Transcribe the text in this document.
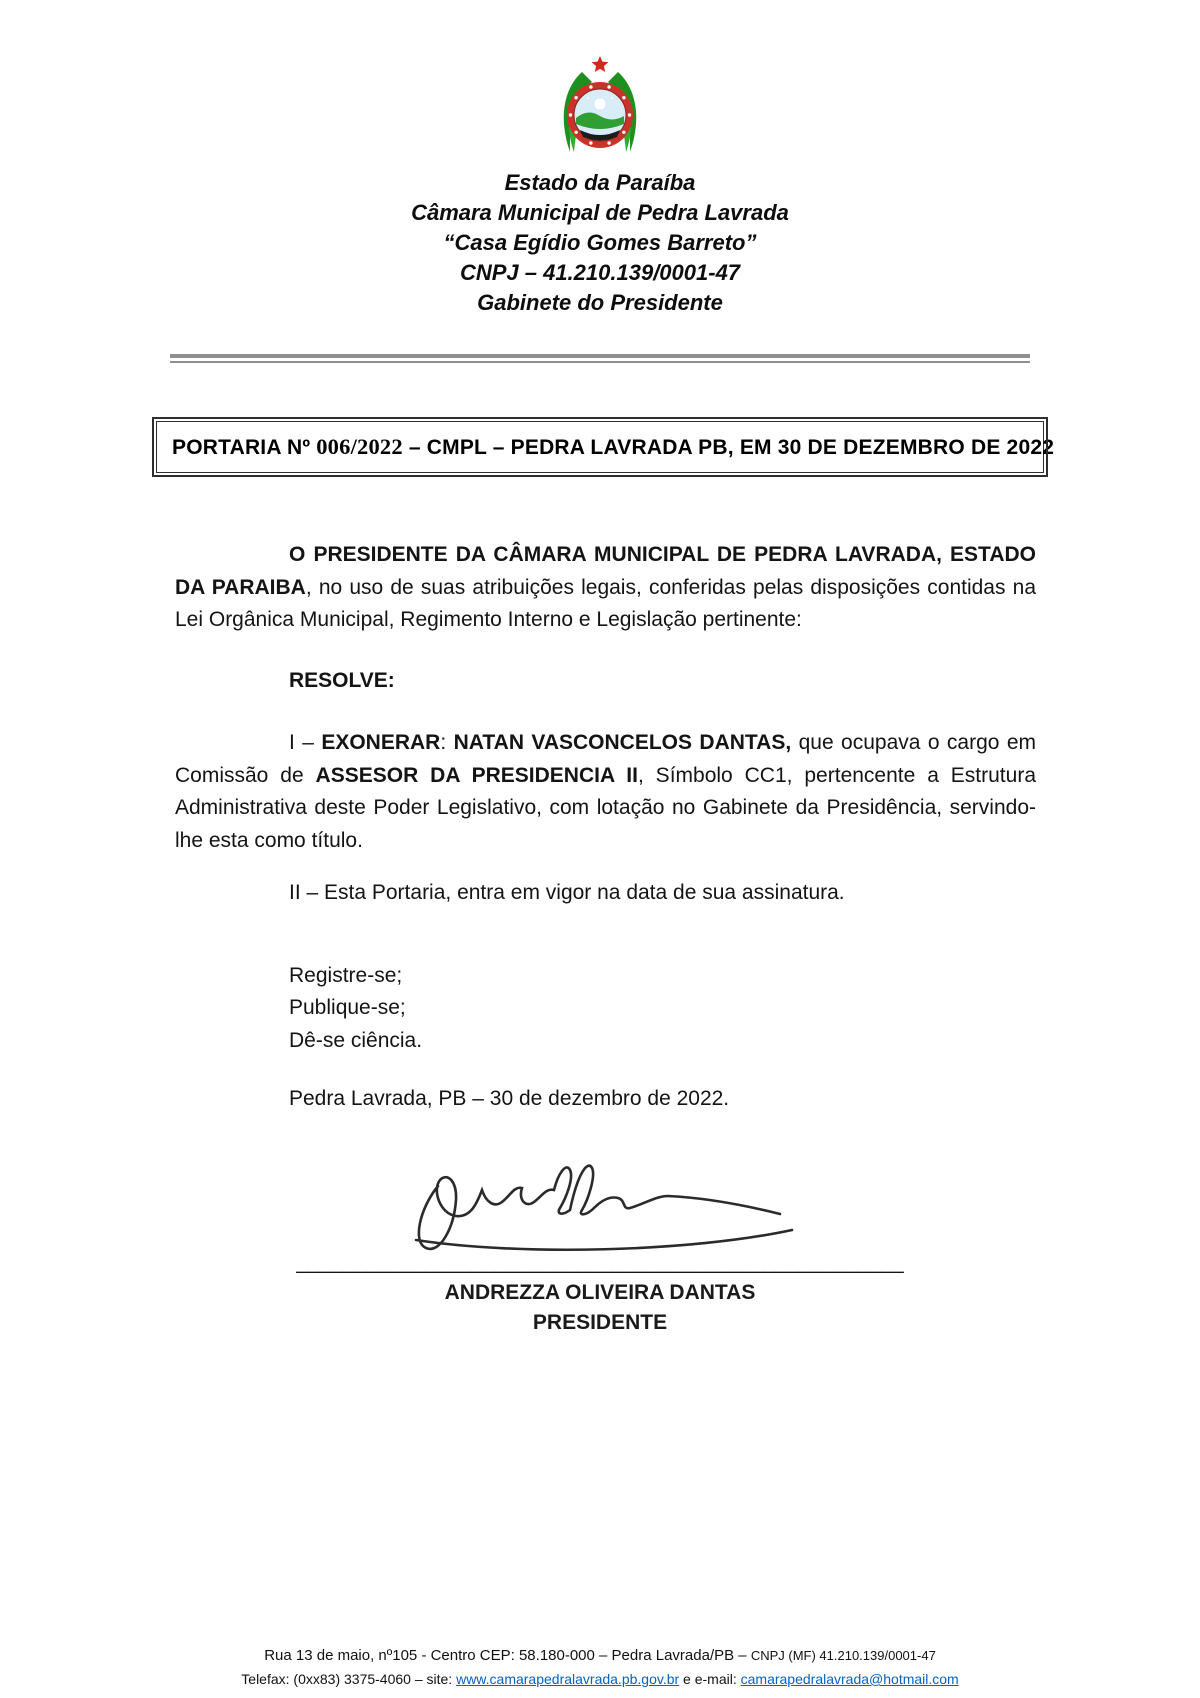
Estado da Paraíba
Câmara Municipal de Pedra Lavrada
“Casa Egídio Gomes Barreto”
CNPJ – 41.210.139/0001-47
Gabinete do Presidente
PORTARIA Nº 006/2022 – CMPL – PEDRA LAVRADA PB, EM 30 DE DEZEMBRO DE 2022

O PRESIDENTE DA CÂMARA MUNICIPAL DE PEDRA LAVRADA, ESTADO DA PARAIBA, no uso de suas atribuições legais, conferidas pelas disposições contidas na Lei Orgânica Municipal, Regimento Interno e Legislação pertinente:

RESOLVE:

I – EXONERAR: NATAN VASCONCELOS DANTAS, que ocupava o cargo em Comissão de ASSESOR DA PRESIDENCIA II, Símbolo CC1, pertencente a Estrutura Administrativa deste Poder Legislativo, com lotação no Gabinete da Presidência, servindo-lhe esta como título.

II – Esta Portaria, entra em vigor na data de sua assinatura.

Registre-se;
Publique-se;
Dê-se ciência.
Pedra Lavrada, PB – 30 de dezembro de 2022.
____________________________________________________
ANDREZZA OLIVEIRA DANTAS
PRESIDENTE
Rua 13 de maio, nº105 - Centro CEP: 58.180-000 – Pedra Lavrada/PB – CNPJ (MF) 41.210.139/0001-47
Telefax: (0xx83) 3375-4060 – site: www.camarapedralavrada.pb.gov.br e e-mail: camarapedralavrada@hotmail.com
